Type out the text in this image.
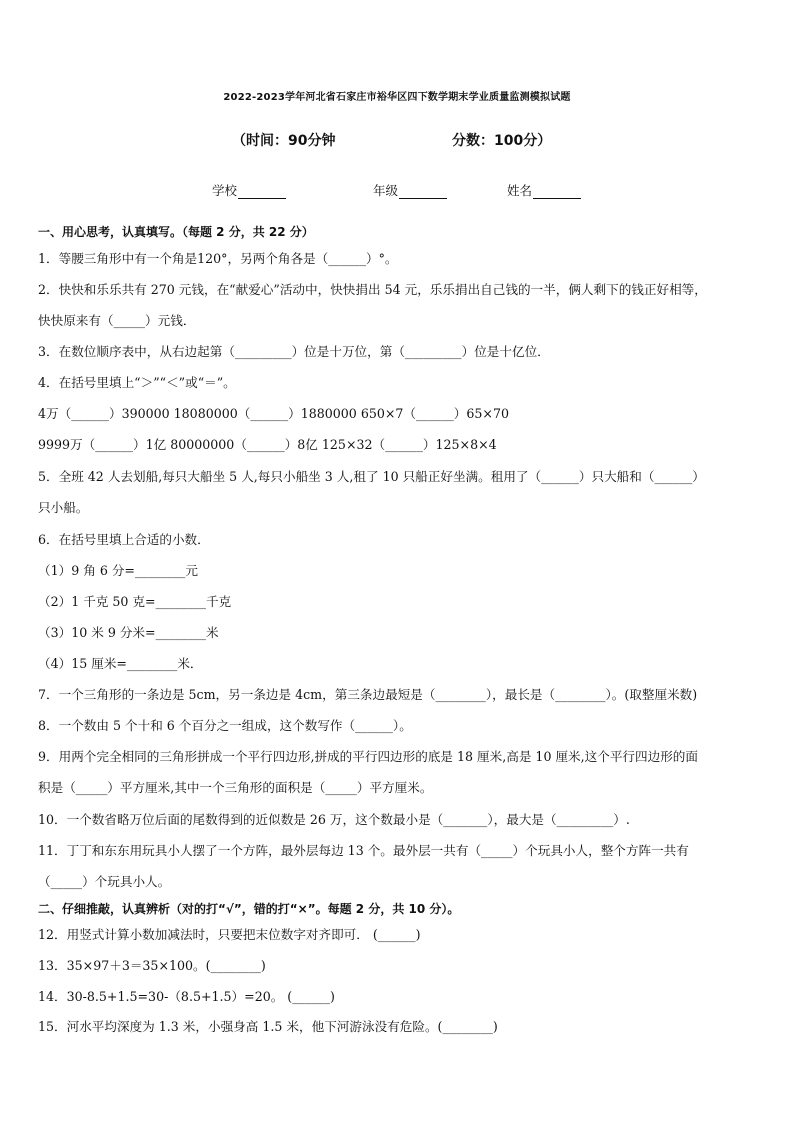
2022-2023学年河北省石家庄市裕华区四下数学期末学业质量监测模拟试题
（时间：90分钟	分数：100分）
学校	年级	姓名
一、用心思考，认真填写。（每题 2 分，共 22 分）
1．等腰三角形中有一个角是120°，另两个角各是（______）°。
2．快快和乐乐共有 270 元钱，在“献爱心”活动中，快快捐出 54 元，乐乐捐出自己钱的一半，俩人剩下的钱正好相等，
快快原来有（_____）元钱．
3．在数位顺序表中，从右边起第（_________）位是十万位，第（_________）位是十亿位．
4．在括号里填上“＞”“＜”或“＝”。
4万（______）390000 18080000（______）1880000 650×7（______）65×70
9999万（______）1亿 80000000（______）8亿 125×32（______）125×8×4
5．全班 42 人去划船,每只大船坐 5 人,每只小船坐 3 人,租了 10 只船正好坐满。租用了（______）只大船和（______）
只小船。
6．在括号里填上合适的小数．
（1）9 角 6 分=________元
（2）1 千克 50 克=________千克
（3）10 米 9 分米=________米
（4）15 厘米=________米．
7．一个三角形的一条边是 5cm，另一条边是 4cm，第三条边最短是（________），最长是（________）。(取整厘米数)
8．一个数由 5 个十和 6 个百分之一组成，这个数写作（______）。
9．用两个完全相同的三角形拼成一个平行四边形,拼成的平行四边形的底是 18 厘米,高是 10 厘米,这个平行四边形的面
积是（_____）平方厘米,其中一个三角形的面积是（_____）平方厘米。
10．一个数省略万位后面的尾数得到的近似数是 26 万，这个数最小是（_______），最大是（_________）.
11．丁丁和东东用玩具小人摆了一个方阵，最外层每边 13 个。最外层一共有（_____）个玩具小人，整个方阵一共有
（_____）个玩具小人。
二、仔细推敲，认真辨析（对的打“√”，错的打“×”。每题 2 分，共 10 分）。
12．用竖式计算小数加减法时，只要把末位数字对齐即可． (______)
13．35×97＋3＝35×100。(________)
14．30-8.5+1.5=30-（8.5+1.5）=20。 (______)
15．河水平均深度为 1.3 米，小强身高 1.5 米，他下河游泳没有危险。(________)
